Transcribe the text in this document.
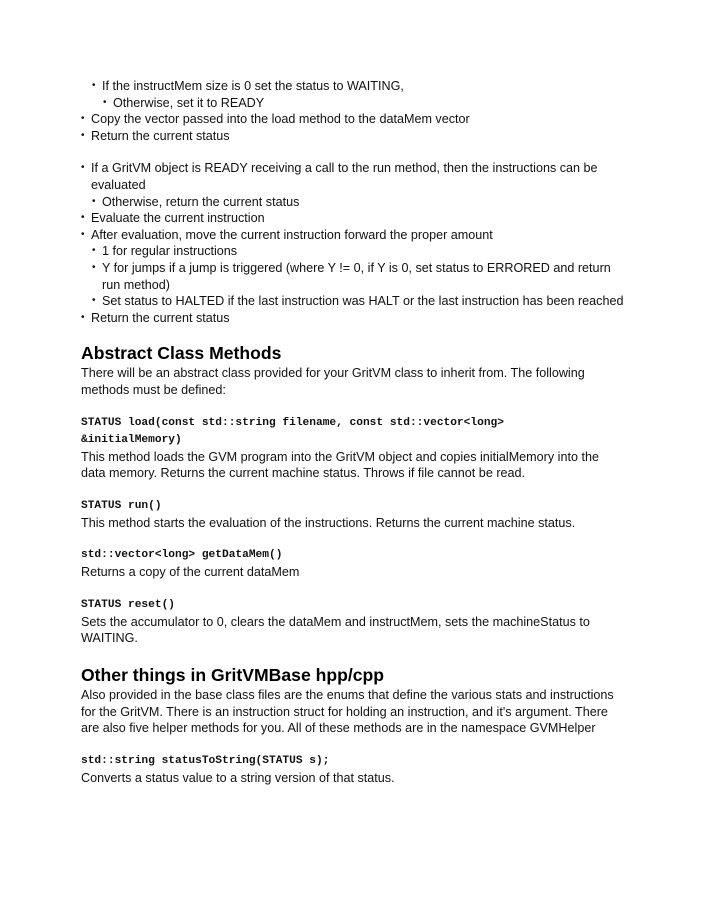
• If the instructMem size is 0 set the status to WAITING,
• Otherwise, set it to READY
• Copy the vector passed into the load method to the dataMem vector
• Return the current status
• If a GritVM object is READY receiving a call to the run method, then the instructions can be evaluated
• Otherwise, return the current status
• Evaluate the current instruction
• After evaluation, move the current instruction forward the proper amount
• 1 for regular instructions
• Y for jumps if a jump is triggered (where Y != 0, if Y is 0, set status to ERRORED and return run method)
• Set status to HALTED if the last instruction was HALT or the last instruction has been reached
• Return the current status
Abstract Class Methods

There will be an abstract class provided for your GritVM class to inherit from. The following methods must be defined:

STATUS load(const std::string filename, const std::vector<long> &initialMemory)

This method loads the GVM program into the GritVM object and copies initialMemory into the data memory. Returns the current machine status. Throws if file cannot be read.

STATUS run()

This method starts the evaluation of the instructions. Returns the current machine status.

std::vector<long> getDataMem()

Returns a copy of the current dataMem

STATUS reset()

Sets the accumulator to 0, clears the dataMem and instructMem, sets the machineStatus to WAITING.

Other things in GritVMBase hpp/cpp

Also provided in the base class files are the enums that define the various stats and instructions for the GritVM. There is an instruction struct for holding an instruction, and it's argument. There are also five helper methods for you. All of these methods are in the namespace GVMHelper

std::string statusToString(STATUS s);

Converts a status value to a string version of that status.
